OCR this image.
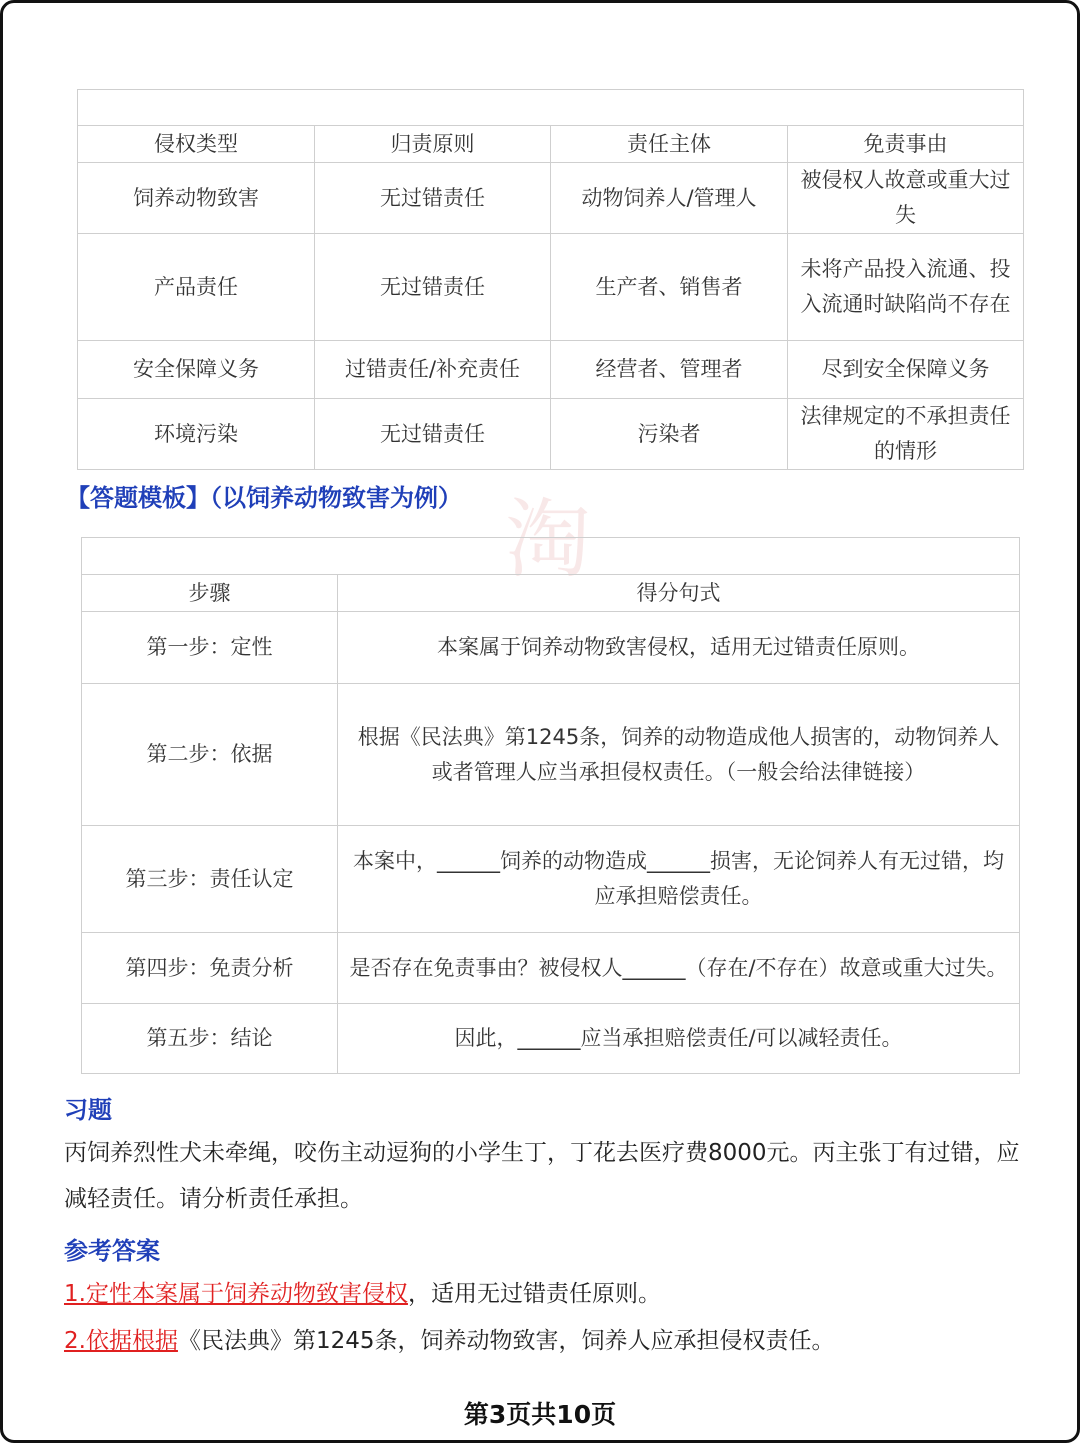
淘

侵权类型	归责原则	责任主体	免责事由
饲养动物致害	无过错责任	动物饲养人/管理人	被侵权人故意或重大过失
产品责任	无过错责任	生产者、销售者	未将产品投入流通、投入流通时缺陷尚不存在
安全保障义务	过错责任/补充责任	经营者、管理者	尽到安全保障义务
环境污染	无过错责任	污染者	法律规定的不承担责任的情形
【答题模板】（以饲养动物致害为例）

步骤	得分句式
第一步：定性	本案属于饲养动物致害侵权，适用无过错责任原则。
第二步：依据	根据《民法典》第1245条，饲养的动物造成他人损害的，动物饲养人或者管理人应当承担侵权责任。（一般会给法律链接）
第三步：责任认定	本案中，______饲养的动物造成______损害，无论饲养人有无过错，均应承担赔偿责任。
第四步：免责分析	是否存在免责事由？被侵权人______（存在/不存在）故意或重大过失。
第五步：结论	因此，______应当承担赔偿责任/可以减轻责任。
习题
丙饲养烈性犬未牵绳，咬伤主动逗狗的小学生丁，丁花去医疗费8000元。丙主张丁有过错，应减轻责任。请分析责任承担。
参考答案
1.定性本案属于饲养动物致害侵权，适用无过错责任原则。
2.依据根据《民法典》第1245条，饲养动物致害，饲养人应承担侵权责任。
第3页共10页
